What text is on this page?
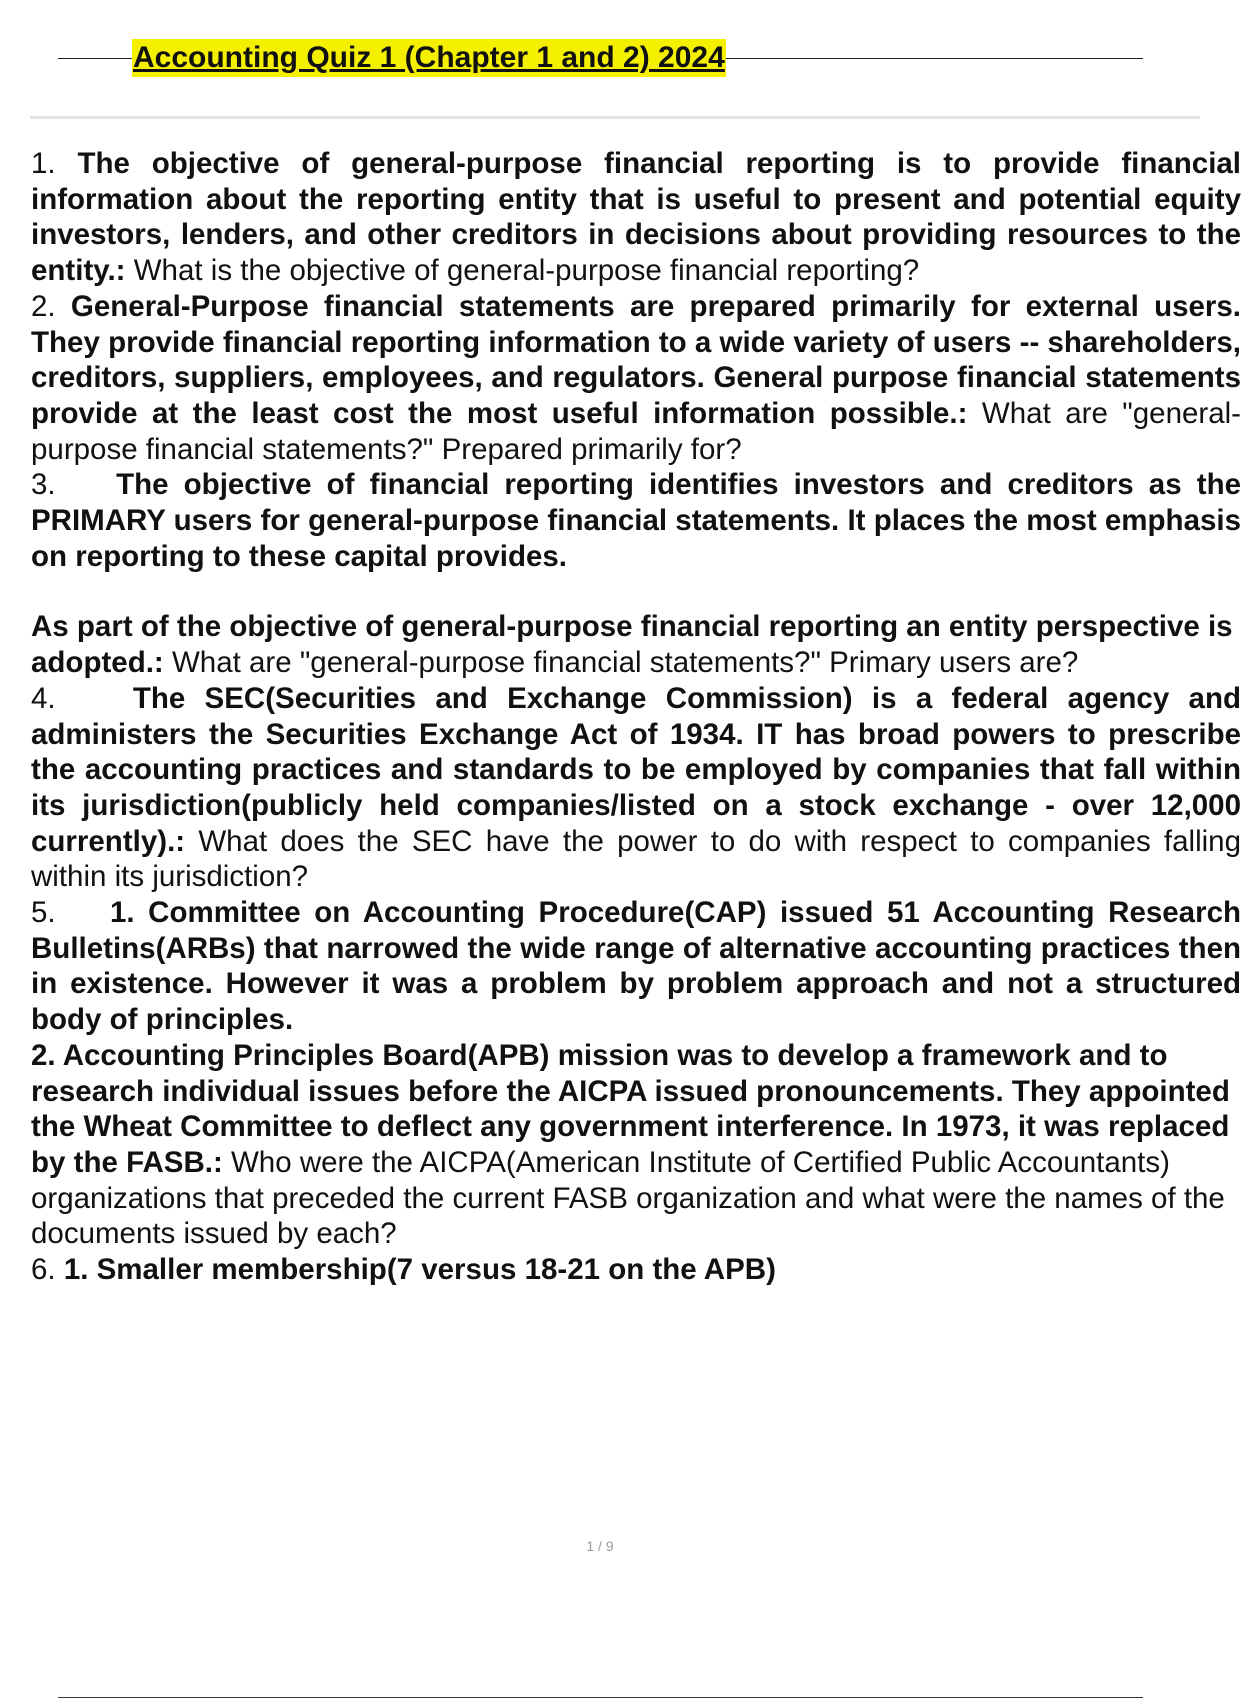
Accounting Quiz 1 (Chapter 1 and 2) 2024

1. The objective of general-purpose financial reporting is to provide financial information about the reporting entity that is useful to present and potential equity investors, lenders, and other creditors in decisions about providing resources to the entity.: What is the objective of general-purpose financial reporting?

2. General-Purpose financial statements are prepared primarily for external users. They provide financial reporting information to a wide variety of users -- shareholders, creditors, suppliers, employees, and regulators. General purpose financial statements provide at the least cost the most useful information possible.: What are "general-purpose financial statements?" Prepared primarily for?

3. The objective of financial reporting identifies investors and creditors as the PRIMARY users for general-purpose financial statements. It places the most emphasis on reporting to these capital provides.

As part of the objective of general-purpose financial reporting an entity perspective is adopted.: What are "general-purpose financial statements?" Primary users are?

4.	The SEC(Securities and Exchange Commission) is a federal agency and administers the Securities Exchange Act of 1934. IT has broad powers to prescribe the accounting practices and standards to be employed by companies that fall within its jurisdiction(publicly held companies/listed on a stock exchange - over 12,000 currently).: What does the SEC have the power to do with respect to companies falling within its jurisdiction?

5. 1. Committee on Accounting Procedure(CAP) issued 51 Accounting Research Bulletins(ARBs) that narrowed the wide range of alternative accounting practices then in existence. However it was a problem by problem approach and not a structured body of principles.

2. Accounting Principles Board(APB) mission was to develop a framework and to research individual issues before the AICPA issued pronouncements. They appointed the Wheat Committee to deflect any government interference. In 1973, it was replaced by the FASB.: Who were the AICPA(American Institute of Certified Public Accountants) organizations that preceded the current FASB organization and what were the names of the documents issued by each?

6. 1. Smaller membership(7 versus 18-21 on the APB)

1 / 9
